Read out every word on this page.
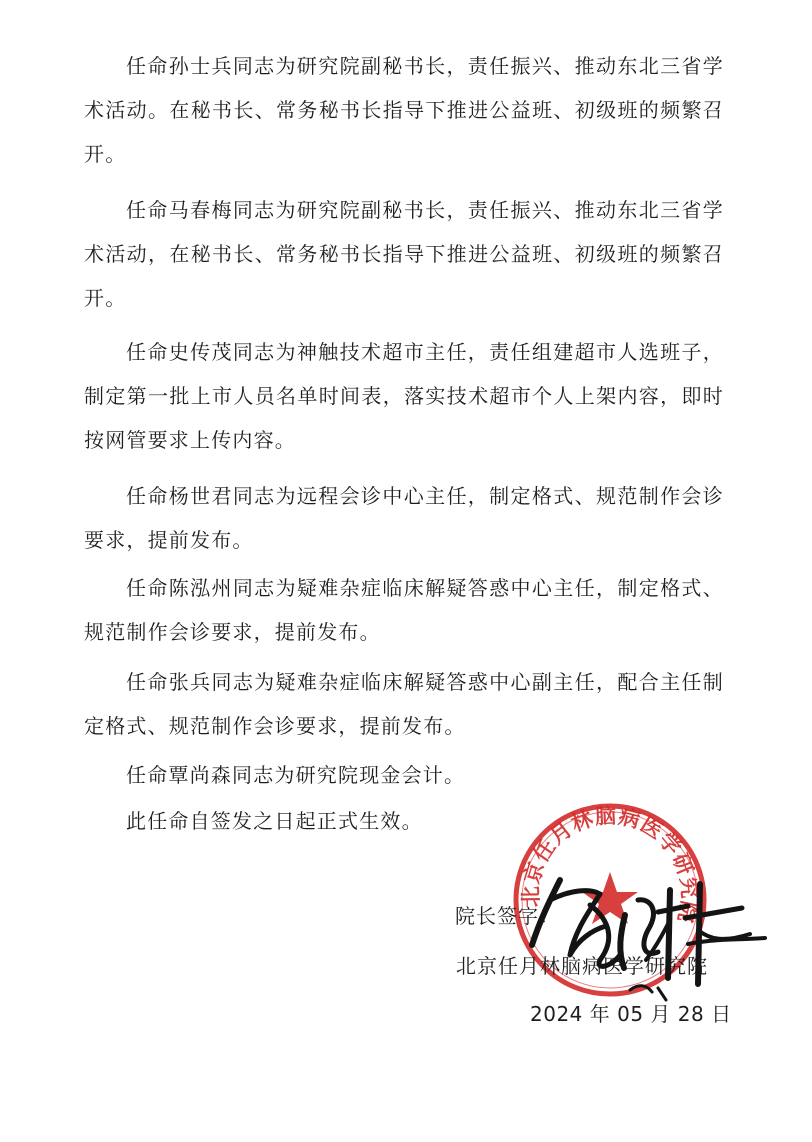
任命孙士兵同志为研究院副秘书长，责任振兴、推动东北三省学术活动。在秘书长、常务秘书长指导下推进公益班、初级班的频繁召开。

任命马春梅同志为研究院副秘书长，责任振兴、推动东北三省学术活动，在秘书长、常务秘书长指导下推进公益班、初级班的频繁召开。

任命史传茂同志为神触技术超市主任，责任组建超市人选班子，制定第一批上市人员名单时间表，落实技术超市个人上架内容，即时按网管要求上传内容。

任命杨世君同志为远程会诊中心主任，制定格式、规范制作会诊要求，提前发布。

任命陈泓州同志为疑难杂症临床解疑答惑中心主任，制定格式、规范制作会诊要求，提前发布。

任命张兵同志为疑难杂症临床解疑答惑中心副主任，配合主任制定格式、规范制作会诊要求，提前发布。

任命覃尚森同志为研究院现金会计。

此任命自签发之日起正式生效。

北京任月林脑病医学研究院
院长签字：
北京任月林脑病医学研究院
2024 年 05 月 28 日
